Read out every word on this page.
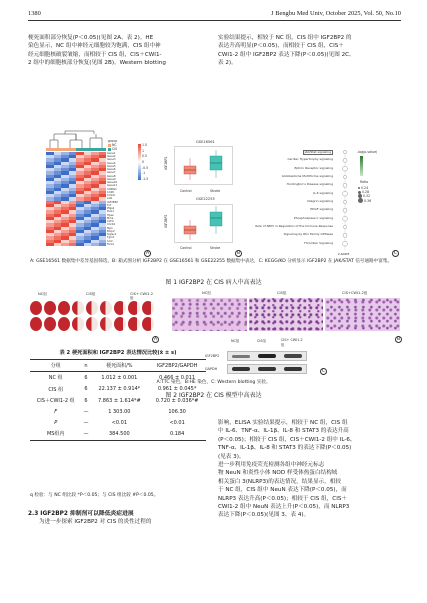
1380	J Bengbu Med Univ, October 2025, Vol. 50, No.10
梗死面积部分恢复(P＜0.05)(见图 2A、表 2)。HE
染色显示，NC 组中神经元细胞较为饱满，CIS 组中神
经元细胞核破裂皱缩，而相较于 CIS 组，CIS＋CWI1-
2 组中的细胞核部分恢复(见图 2B)。Western blotting
实验结果提示，相较于 NC 组，CIS 组中 IGF2BP2 的
表达升高明显(P＜0.05)，而相较于 CIS 组，CIS＋
CWI1-2 组中 IGF2BP2 表达下降(P＜0.05)(见图 2C、
表 2)。
Gene1
Gene2
Gene3
Gene4
Gene5
Gene6
Gene7
Gene8
Gene9
Gene10
Gene11
Cd68s1
Cd48
Cd14c
Lst1
IGF2BP2
Tnf
Ptgs2
Pusl1
Hpse
Mme
Csf3r
Cdc42
Tsp1
Bmp2
Siglec1
Tgm1
Ccl2
Fam1
group
NC
CIS
1.5
1
0.5
0
-0.5
-1
-1.5
A
GSE16561
IGF2BP2
Control	Stroke
GSE22255
IGF2BP2
Control	Stroke
B
JAK/Stat signaling
Cardiac Hypertrophy signaling
Ephrin Receptor signaling
Glioblastoma Multiforme signaling
Huntington's Disease signaling
IL-6 signaling
Integrin signaling
PDGF signaling
Phospholipase C signaling
Role of NFAT in Regulation of the Immune Response
Signaling by Rho Family GTPases
Thrombin Signaling
z-score
-log(p-value)
Ratio
0.24
0.28
0.32
0.36
C
A: GSE16561 数据集中差异基因筛选，B: 箱式图分析 IGF2BP2 在 GSE16561 和 GSE22255 数据集中表达，C: KEGG/KO 分析显示 IGF2BP2 在 JAK/STAT 信号通路中富集。
图 1 IGF2BP2 在 CIS 病人中高表达
NC组	CIS组	CIS+ CWI1-2组
A
NC组	CIS组	CIS+CWI1-2组
B
NC组	CIS组	CIS+ CWI1-2组
IGF2BP2
GAPDH	C
A:TTC 染色，B:HE 染色，C: Western blotting 实验。
图 2 IGF2BP2 在 CIS 模型中高表达
表 2 梗死面积和 IGF2BP2 表达情况比较(x̄ ± s)
分组	n	梗死面积/%	IGF2BP2/GAPDH
NC 组	6	1.012 ± 0.001	0.466 ± 0.011
CIS 组	6	22.137 ± 0.914*	0.961 ± 0.045*
CIS＋CWI1-2 组	6	7.863 ± 1.614*#	0.720 ± 0.036*#
F	—	1 303.00	106.30
P	—	<0.01	<0.01
MS组内	—	384.500	0.184
q 检验：与 NC 组比较 *P＜0.05；与 CIS 组比较 #P＜0.05。
2.3 IGF2BP2 抑制剂可以降低炎症进展
为进一步探索 IGF2BP2 对 CIS 的炎性过程的
影响，ELISA 实验结果提示，相较于 NC 组，CIS 组
中 IL-6、TNF-α、IL-1β、IL-8 和 STAT3 的表达升高
(P＜0.05)；相较于 CIS 组，CIS＋CWI1-2 组中 IL-6、
TNF-α、IL-1β、IL-8 和 STAT3 的表达下降(P＜0.05)
(见表 3)。
进一步利用免疫荧光检测各组中神经元标志
物 NeuN 和炎性小体 NOD 样受体热蛋白结构域
相关蛋白 3(NLRP3)的表达情况，结果显示，相较
于 NC 组，CIS 组中 NeuN 表达下降(P＜0.05)，而
NLRP3 表达升高(P＜0.05)；相较于 CIS 组，CIS＋
CWI1-2 组中 NeuN 表达上升(P＜0.05)，而 NLRP3
表达下降(P＜0.05)(见图 3、表 4)。
